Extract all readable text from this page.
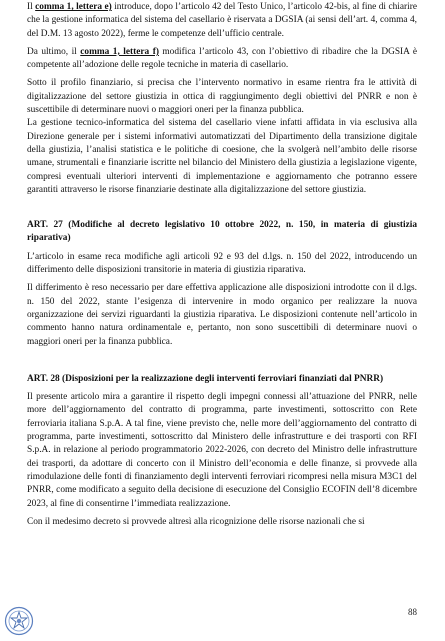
Il comma 1, lettera e) introduce, dopo l’articolo 42 del Testo Unico, l’articolo 42-bis, al fine di chiarire che la gestione informatica del sistema del casellario è riservata a DGSIA (ai sensi dell’art. 4, comma 4, del D.M. 13 agosto 2022), ferme le competenze dell’ufficio centrale.

Da ultimo, il comma 1, lettera f) modifica l’articolo 43, con l’obiettivo di ribadire che la DGSIA è competente all’adozione delle regole tecniche in materia di casellario.

Sotto il profilo finanziario, si precisa che l’intervento normativo in esame rientra fra le attività di digitalizzazione del settore giustizia in ottica di raggiungimento degli obiettivi del PNRR e non è suscettibile di determinare nuovi o maggiori oneri per la finanza pubblica.

La gestione tecnico-informatica del sistema del casellario viene infatti affidata in via esclusiva alla Direzione generale per i sistemi informativi automatizzati del Dipartimento della transizione digitale della giustizia, l’analisi statistica e le politiche di coesione, che la svolgerà nell’ambito delle risorse umane, strumentali e finanziarie iscritte nel bilancio del Ministero della giustizia a legislazione vigente, compresi eventuali ulteriori interventi di implementazione e aggiornamento che potranno essere garantiti attraverso le risorse finanziarie destinate alla digitalizzazione del settore giustizia.

ART. 27 (Modifiche al decreto legislativo 10 ottobre 2022, n. 150, in materia di giustizia riparativa)

L’articolo in esame reca modifiche agli articoli 92 e 93 del d.lgs. n. 150 del 2022, introducendo un differimento delle disposizioni transitorie in materia di giustizia riparativa.

Il differimento è reso necessario per dare effettiva applicazione alle disposizioni introdotte con il d.lgs. n. 150 del 2022, stante l’esigenza di intervenire in modo organico per realizzare la nuova organizzazione dei servizi riguardanti la giustizia riparativa. Le disposizioni contenute nell’articolo in commento hanno natura ordinamentale e, pertanto, non sono suscettibili di determinare nuovi o maggiori oneri per la finanza pubblica.

ART. 28 (Disposizioni per la realizzazione degli interventi ferroviari finanziati dal PNRR)

Il presente articolo mira a garantire il rispetto degli impegni connessi all’attuazione del PNRR, nelle more dell’aggiornamento del contratto di programma, parte investimenti, sottoscritto con Rete ferroviaria italiana S.p.A. A tal fine, viene previsto che, nelle more dell’aggiornamento del contratto di programma, parte investimenti, sottoscritto dal Ministero delle infrastrutture e dei trasporti con RFI S.p.A. in relazione al periodo programmatorio 2022-2026, con decreto del Ministro delle infrastrutture dei trasporti, da adottare di concerto con il Ministro dell’economia e delle finanze, si provvede alla rimodulazione delle fonti di finanziamento degli interventi ferroviari ricompresi nella misura M3C1 del PNRR, come modificato a seguito della decisione di esecuzione del Consiglio ECOFIN dell’8 dicembre 2023, al fine di consentirne l’immediata realizzazione.

Con il medesimo decreto si provvede altresì alla ricognizione delle risorse nazionali che si

88
